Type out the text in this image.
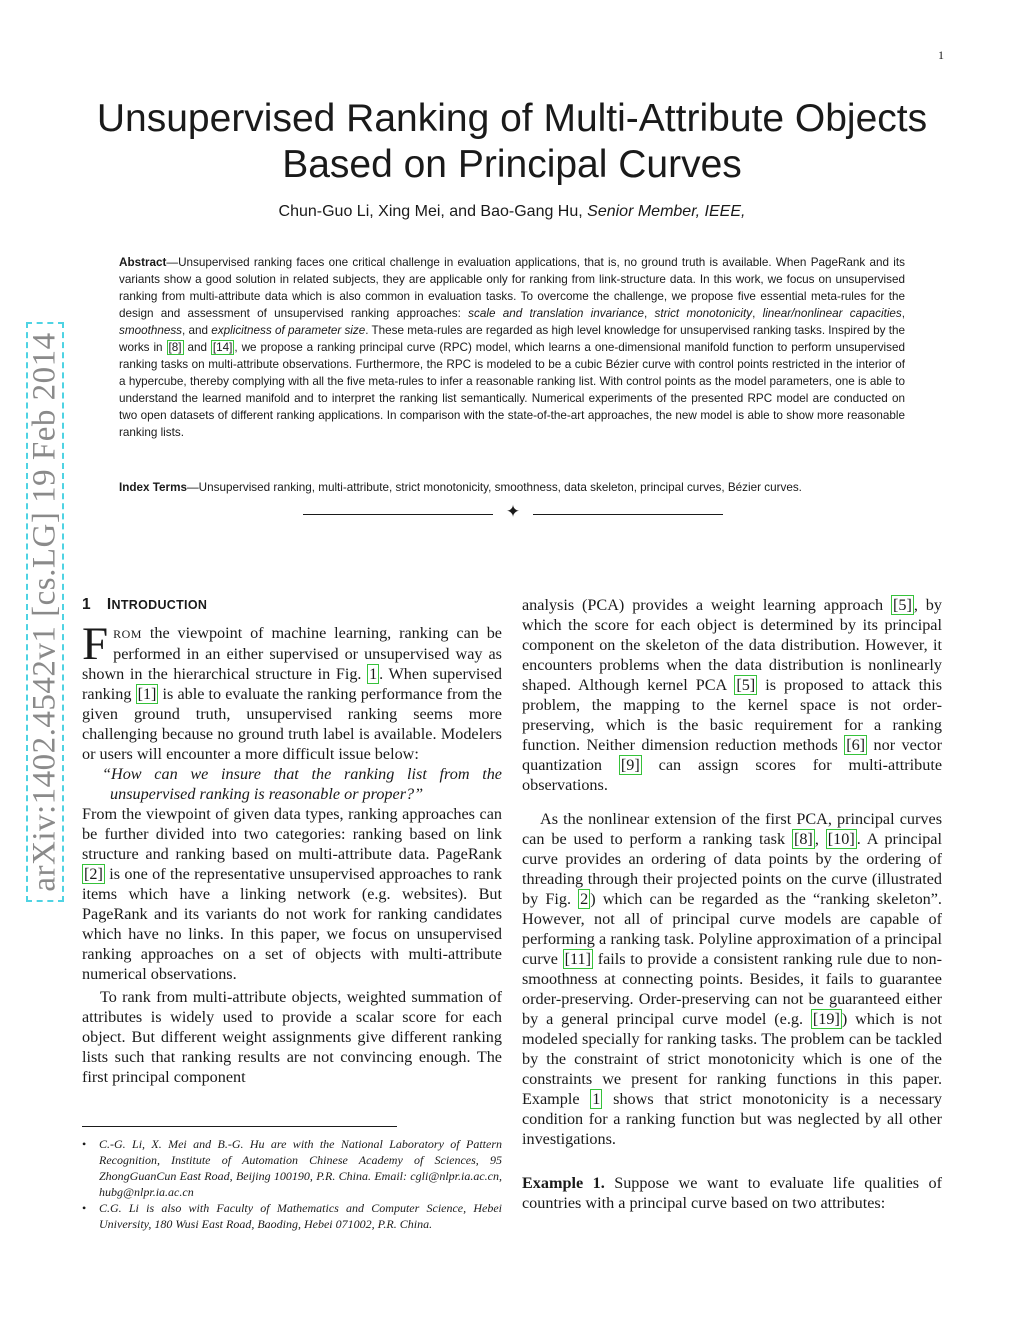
1
arXiv:1402.4542v1 [cs.LG] 19 Feb 2014
Unsupervised Ranking of Multi-Attribute Objects
Based on Principal Curves
Chun-Guo Li, Xing Mei, and Bao-Gang Hu, Senior Member, IEEE,
Abstract—Unsupervised ranking faces one critical challenge in evaluation applications, that is, no ground truth is available. When PageRank and its variants show a good solution in related subjects, they are applicable only for ranking from link-structure data. In this work, we focus on unsupervised ranking from multi-attribute data which is also common in evaluation tasks. To overcome the challenge, we propose five essential meta-rules for the design and assessment of unsupervised ranking approaches: scale and translation invariance, strict monotonicity, linear/nonlinear capacities, smoothness, and explicitness of parameter size. These meta-rules are regarded as high level knowledge for unsupervised ranking tasks. Inspired by the works in [8] and [14] , we propose a ranking principal curve (RPC) model, which learns a one-dimensional manifold function to perform unsupervised ranking tasks on multi-attribute observations. Furthermore, the RPC is modeled to be a cubic Bézier curve with control points restricted in the interior of a hypercube, thereby complying with all the five meta-rules to infer a reasonable ranking list. With control points as the model parameters, one is able to understand the learned manifold and to interpret the ranking list semantically. Numerical experiments of the presented RPC model are conducted on two open datasets of different ranking applications. In comparison with the state-of-the-art approaches, the new model is able to show more reasonable ranking lists.
Index Terms—Unsupervised ranking, multi-attribute, strict monotonicity, smoothness, data skeleton, principal curves, Bézier curves.
✦
1 INTRODUCTION

FROM the viewpoint of machine learning, ranking can be performed in an either supervised or unsupervised way as shown in the hierarchical structure in Fig. 1 . When supervised ranking [1] is able to evaluate the ranking performance from the given ground truth, unsupervised ranking seems more challenging because no ground truth label is available. Modelers or users will encounter a more difficult issue below:

“How can we insure that the ranking list from the unsupervised ranking is reasonable or proper?”

From the viewpoint of given data types, ranking approaches can be further divided into two categories: ranking based on link structure and ranking based on multi-attribute data. PageRank [2] is one of the representative unsupervised approaches to rank items which have a linking network (e.g. websites). But PageRank and its variants do not work for ranking candidates which have no links. In this paper, we focus on unsupervised ranking approaches on a set of objects with multi-attribute numerical observations.

To rank from multi-attribute objects, weighted summation of attributes is widely used to provide a scalar score for each object. But different weight assignments give different ranking lists such that ranking results are not convincing enough. The first principal component

• C.-G. Li, X. Mei and B.-G. Hu are with the National Laboratory of Pattern Recognition, Institute of Automation Chinese Academy of Sciences, 95 ZhongGuanCun East Road, Beijing 100190, P.R. China. Email: cgli@nlpr.ia.ac.cn, hubg@nlpr.ia.ac.cn
• C.G. Li is also with Faculty of Mathematics and Computer Science, Hebei University, 180 Wusi East Road, Baoding, Hebei 071002, P.R. China.

analysis (PCA) provides a weight learning approach [5] , by which the score for each object is determined by its principal component on the skeleton of the data distribution. However, it encounters problems when the data distribution is nonlinearly shaped. Although kernel PCA [5] is proposed to attack this problem, the mapping to the kernel space is not order-preserving, which is the basic requirement for a ranking function. Neither dimension reduction methods [6] nor vector quantization [9] can assign scores for multi-attribute observations.

As the nonlinear extension of the first PCA, principal curves can be used to perform a ranking task [8] , [10] . A principal curve provides an ordering of data points by the ordering of threading through their projected points on the curve (illustrated by Fig. 2 ) which can be regarded as the “ranking skeleton”. However, not all of principal curve models are capable of performing a ranking task. Polyline approximation of a principal curve [11] fails to provide a consistent ranking rule due to non-smoothness at connecting points. Besides, it fails to guarantee order-preserving. Order-preserving can not be guaranteed either by a general principal curve model (e.g. [19] ) which is not modeled specially for ranking tasks. The problem can be tackled by the constraint of strict monotonicity which is one of the constraints we present for ranking functions in this paper. Example 1 shows that strict monotonicity is a necessary condition for a ranking function but was neglected by all other investigations.

Example 1. Suppose we want to evaluate life qualities of countries with a principal curve based on two attributes:
